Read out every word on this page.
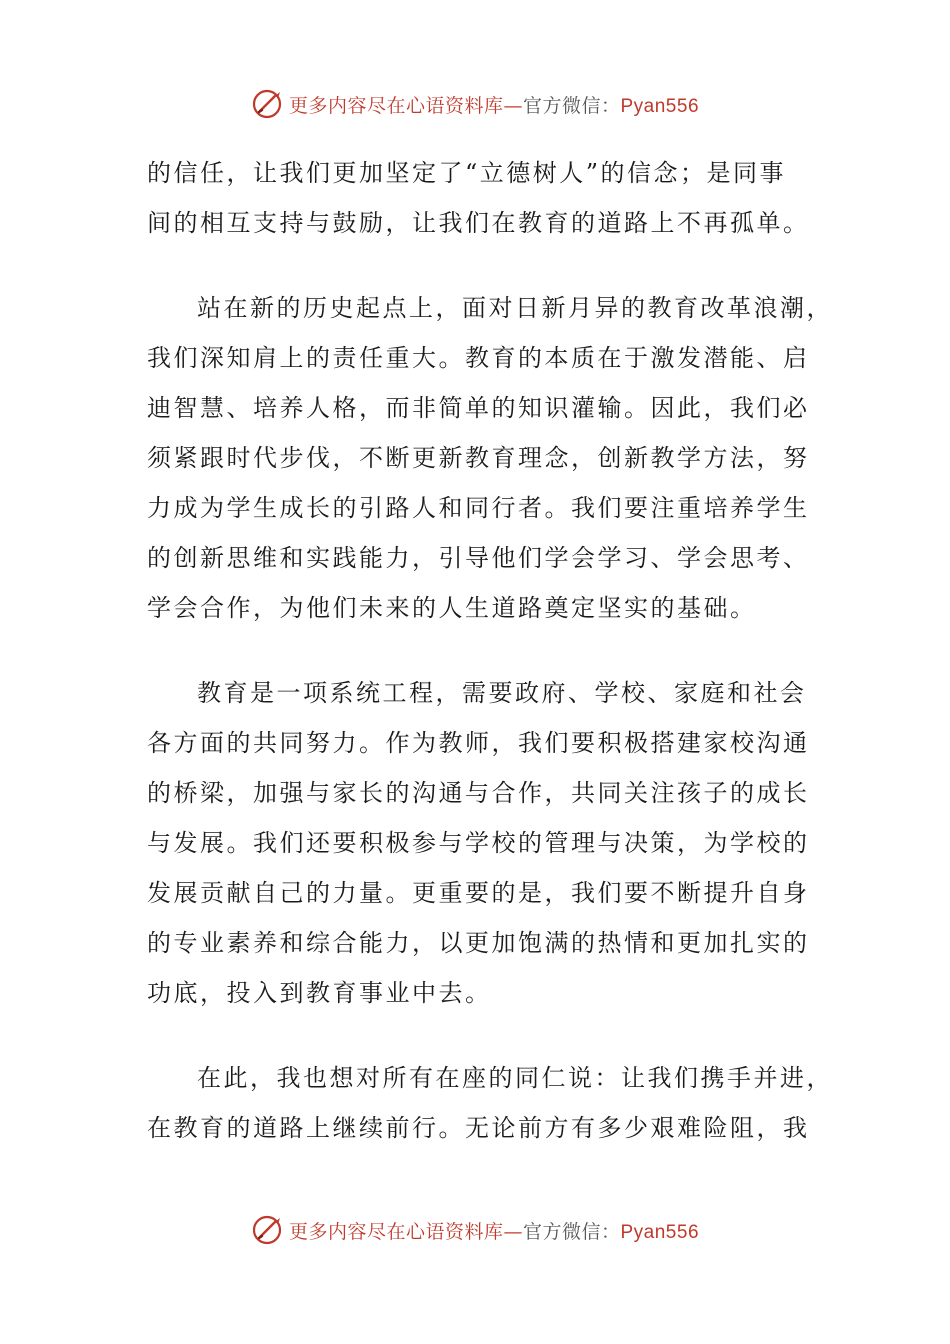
更多内容尽在心语资料库—官方微信：Pyan556
的信任，让我们更加坚定了“立德树人”的信念；是同事
间的相互支持与鼓励，让我们在教育的道路上不再孤单。
站在新的历史起点上，面对日新月异的教育改革浪潮，
我们深知肩上的责任重大。教育的本质在于激发潜能、启
迪智慧、培养人格，而非简单的知识灌输。因此，我们必
须紧跟时代步伐，不断更新教育理念，创新教学方法，努
力成为学生成长的引路人和同行者。我们要注重培养学生
的创新思维和实践能力，引导他们学会学习、学会思考、
学会合作，为他们未来的人生道路奠定坚实的基础。
教育是一项系统工程，需要政府、学校、家庭和社会
各方面的共同努力。作为教师，我们要积极搭建家校沟通
的桥梁，加强与家长的沟通与合作，共同关注孩子的成长
与发展。我们还要积极参与学校的管理与决策，为学校的
发展贡献自己的力量。更重要的是，我们要不断提升自身
的专业素养和综合能力，以更加饱满的热情和更加扎实的
功底，投入到教育事业中去。
在此，我也想对所有在座的同仁说：让我们携手并进，
在教育的道路上继续前行。无论前方有多少艰难险阻，我
更多内容尽在心语资料库—官方微信：Pyan556
